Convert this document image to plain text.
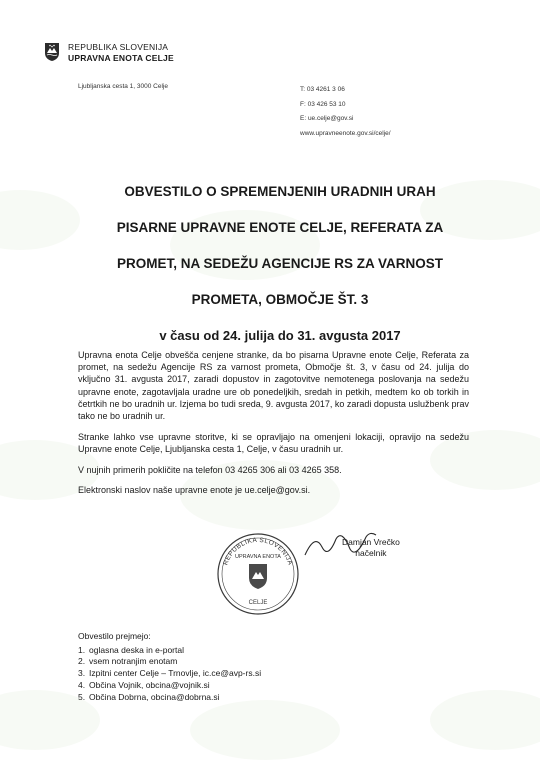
REPUBLIKA SLOVENIJA
UPRAVNA ENOTA CELJE
Ljubljanska cesta 1, 3000 Celje	T: 03 4261 3 06
F: 03 426 53 10
E: ue.celje@gov.si
www.upravneenote.gov.si/celje/
OBVESTILO O SPREMENJENIH URADNIH URAH
PISARNE UPRAVNE ENOTE CELJE, REFERATA ZA
PROMET, NA SEDEŽU AGENCIJE RS ZA VARNOST
PROMETA, OBMOČJE ŠT. 3
v času od 24. julija do 31. avgusta 2017

Upravna enota Celje obvešča cenjene stranke, da bo pisarna Upravne enote Celje, Referata za promet, na sedežu Agencije RS za varnost prometa, Območje št. 3, v času od 24. julija do vključno 31. avgusta 2017, zaradi dopustov in zagotovitve nemotenega poslovanja na sedežu upravne enote, zagotavljala uradne ure ob ponedeljkih, sredah in petkih, medtem ko ob torkih in četrtkih ne bo uradnih ur. Izjema bo tudi sreda, 9. avgusta 2017, ko zaradi dopusta uslužbenk prav tako ne bo uradnih ur.

Stranke lahko vse upravne storitve, ki se opravljajo na omenjeni lokaciji, opravijo na sedežu Upravne enote Celje, Ljubljanska cesta 1, Celje, v času uradnih ur.

V nujnih primerih pokličite na telefon 03 4265 306 ali 03 4265 358.

Elektronski naslov naše upravne enote je ue.celje@gov.si.

REPUBLIKA SLOVENIJA
UPRAVNA ENOTA
CELJE
Damjan Vrečko
načelnik
Obvestilo prejmejo:
1. oglasna deska in e-portal
2. vsem notranjim enotam
3. Izpitni center Celje – Trnovlje, ic.ce@avp-rs.si
4. Občina Vojnik, obcina@vojnik.si
5. Občina Dobrna, obcina@dobrna.si
